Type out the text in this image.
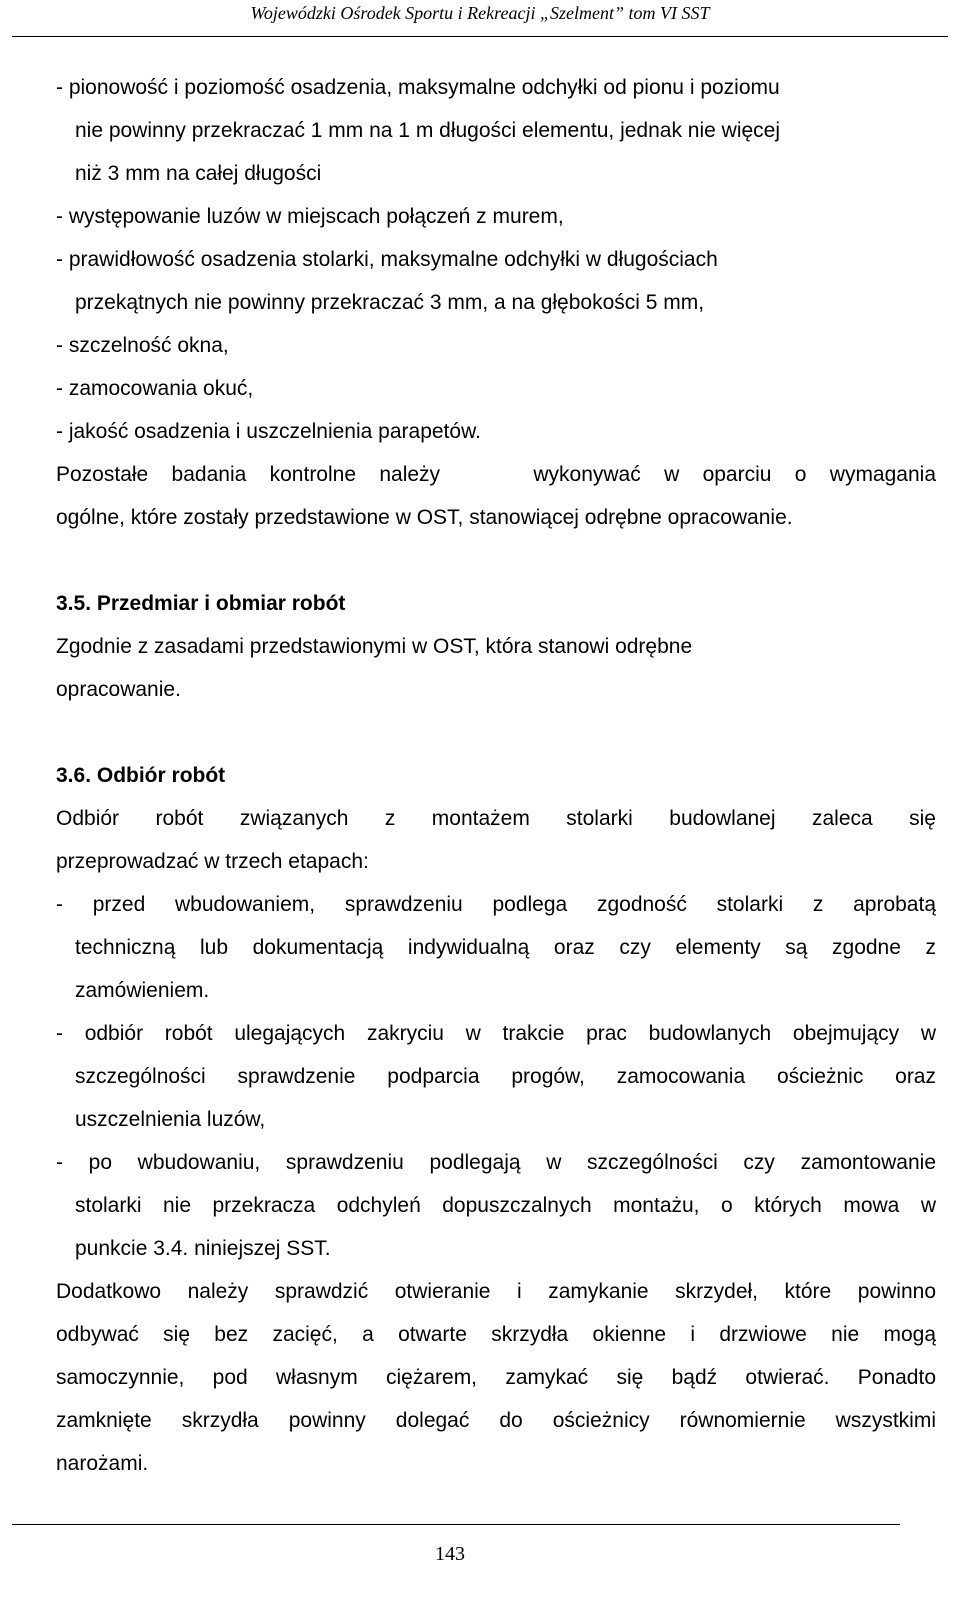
Wojewódzki Ośrodek Sportu i Rekreacji „Szelment” tom VI SST
- pionowość i poziomość osadzenia, maksymalne odchyłki od pionu i poziomu
nie powinny przekraczać 1 mm na 1 m długości elementu, jednak nie więcej
niż 3 mm na całej długości
- występowanie luzów w miejscach połączeń z murem,
- prawidłowość osadzenia stolarki, maksymalne odchyłki w długościach
przekątnych nie powinny przekraczać 3 mm, a na głębokości 5 mm,
- szczelność okna,
- zamocowania okuć,
- jakość osadzenia i uszczelnienia parapetów.
Pozostałe badania kontrolne należy    wykonywać w oparciu o wymagania
ogólne, które zostały przedstawione w OST, stanowiącej odrębne opracowanie.
3.5. Przedmiar i obmiar robót
Zgodnie z zasadami przedstawionymi w OST, która stanowi odrębne
opracowanie.
3.6. Odbiór robót
Odbiór robót związanych z montażem stolarki budowlanej zaleca się
przeprowadzać w trzech etapach:
- przed wbudowaniem, sprawdzeniu podlega zgodność stolarki z aprobatą
techniczną lub dokumentacją indywidualną oraz czy elementy są zgodne z
zamówieniem.
- odbiór robót ulegających zakryciu w trakcie prac budowlanych obejmujący w
szczególności sprawdzenie podparcia progów, zamocowania ościeżnic oraz
uszczelnienia luzów,
- po wbudowaniu, sprawdzeniu podlegają w szczególności czy zamontowanie
stolarki nie przekracza odchyleń dopuszczalnych montażu, o których mowa w
punkcie 3.4. niniejszej SST.
Dodatkowo należy sprawdzić otwieranie i zamykanie skrzydeł, które powinno
odbywać się bez zacięć, a otwarte skrzydła okienne i drzwiowe nie mogą
samoczynnie, pod własnym ciężarem, zamykać się bądź otwierać. Ponadto
zamknięte skrzydła powinny dolegać do ościeżnicy równomiernie wszystkimi
narożami.
143
